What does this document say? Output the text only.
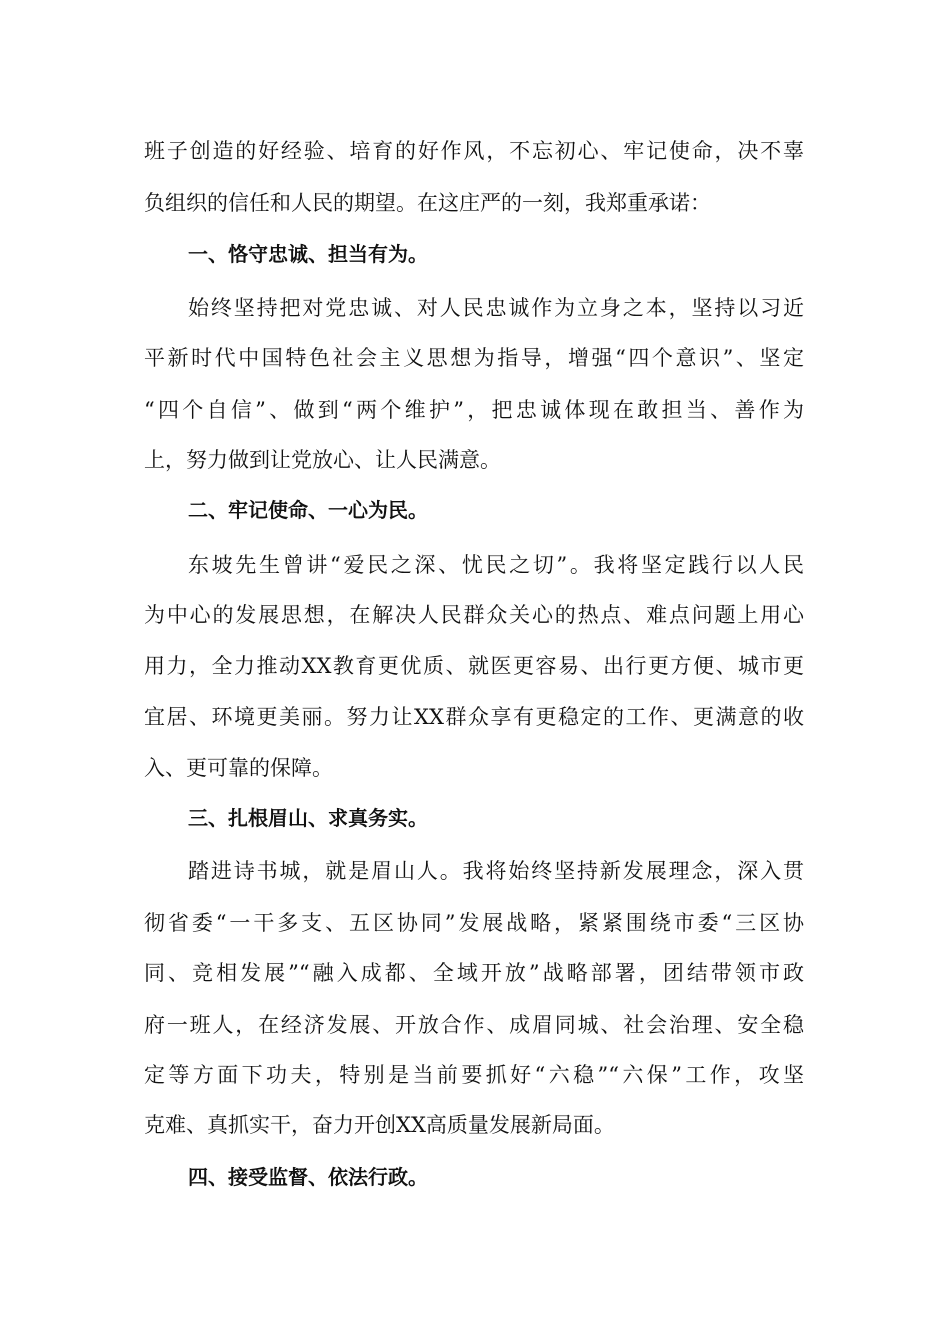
班子创造的好经验、培育的好作风，不忘初心、牢记使命，决不辜
负组织的信任和人民的期望。在这庄严的一刻，我郑重承诺：
一、恪守忠诚、担当有为。
始终坚持把对党忠诚、对人民忠诚作为立身之本，坚持以习近
平新时代中国特色社会主义思想为指导，增强“四个意识”、坚定
“四个自信”、做到“两个维护”，把忠诚体现在敢担当、善作为
上，努力做到让党放心、让人民满意。
二、牢记使命、一心为民。
东坡先生曾讲“爱民之深、忧民之切”。我将坚定践行以人民
为中心的发展思想，在解决人民群众关心的热点、难点问题上用心
用力，全力推动XX教育更优质、就医更容易、出行更方便、城市更
宜居、环境更美丽。努力让XX群众享有更稳定的工作、更满意的收
入、更可靠的保障。
三、扎根眉山、求真务实。
踏进诗书城，就是眉山人。我将始终坚持新发展理念，深入贯
彻省委“一干多支、五区协同”发展战略，紧紧围绕市委“三区协
同、竞相发展”“融入成都、全域开放”战略部署，团结带领市政
府一班人，在经济发展、开放合作、成眉同城、社会治理、安全稳
定等方面下功夫，特别是当前要抓好“六稳”“六保”工作，攻坚
克难、真抓实干，奋力开创XX高质量发展新局面。
四、接受监督、依法行政。
